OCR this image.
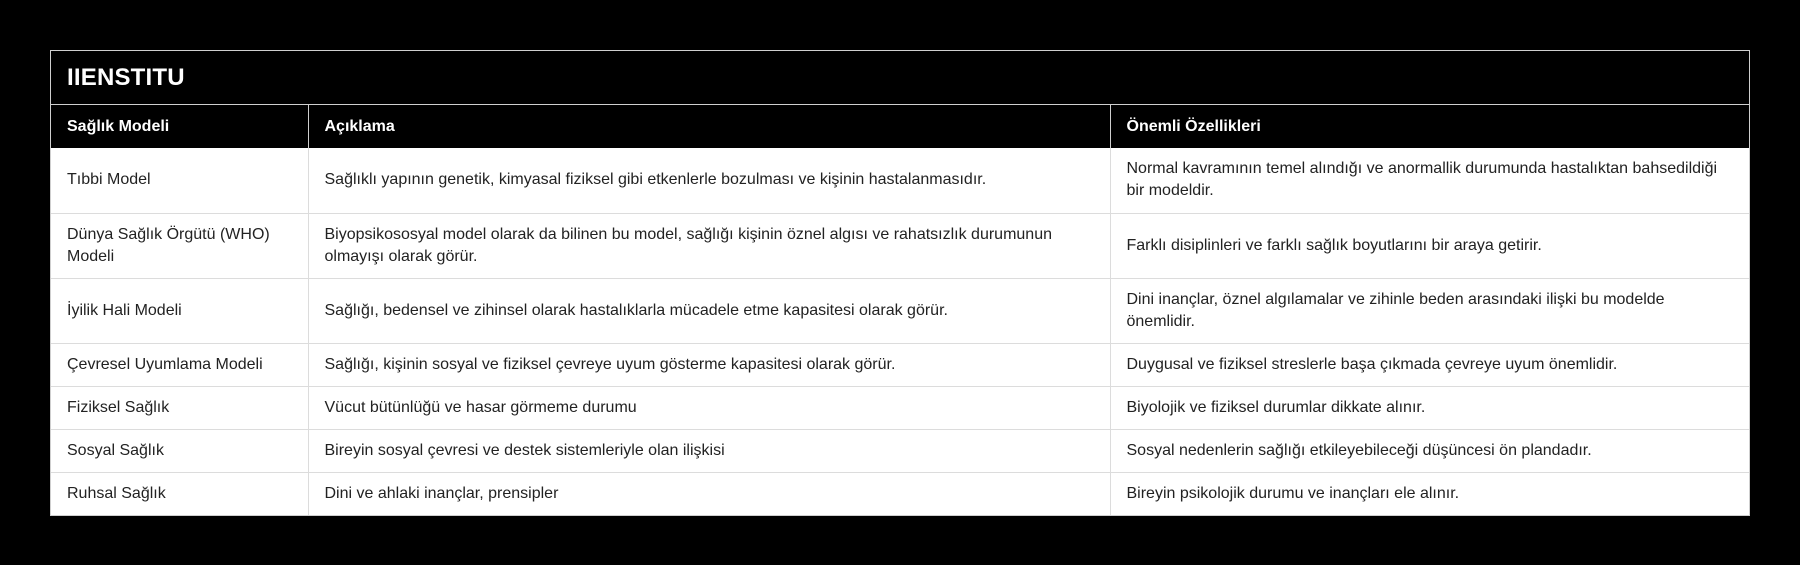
IIENSTITU
Sağlık Modeli	Açıklama	Önemli Özellikleri
Tıbbi Model	Sağlıklı yapının genetik, kimyasal fiziksel gibi etkenlerle bozulması ve kişinin hastalanmasıdır.	Normal kavramının temel alındığı ve anormallik durumunda hastalıktan bahsedildiği bir modeldir.
Dünya Sağlık Örgütü (WHO) Modeli	Biyopsikososyal model olarak da bilinen bu model, sağlığı kişinin öznel algısı ve rahatsızlık durumunun olmayışı olarak görür.	Farklı disiplinleri ve farklı sağlık boyutlarını bir araya getirir.
İyilik Hali Modeli	Sağlığı, bedensel ve zihinsel olarak hastalıklarla mücadele etme kapasitesi olarak görür.	Dini inançlar, öznel algılamalar ve zihinle beden arasındaki ilişki bu modelde önemlidir.
Çevresel Uyumlama Modeli	Sağlığı, kişinin sosyal ve fiziksel çevreye uyum gösterme kapasitesi olarak görür.	Duygusal ve fiziksel streslerle başa çıkmada çevreye uyum önemlidir.
Fiziksel Sağlık	Vücut bütünlüğü ve hasar görmeme durumu	Biyolojik ve fiziksel durumlar dikkate alınır.
Sosyal Sağlık	Bireyin sosyal çevresi ve destek sistemleriyle olan ilişkisi	Sosyal nedenlerin sağlığı etkileyebileceği düşüncesi ön plandadır.
Ruhsal Sağlık	Dini ve ahlaki inançlar, prensipler	Bireyin psikolojik durumu ve inançları ele alınır.
